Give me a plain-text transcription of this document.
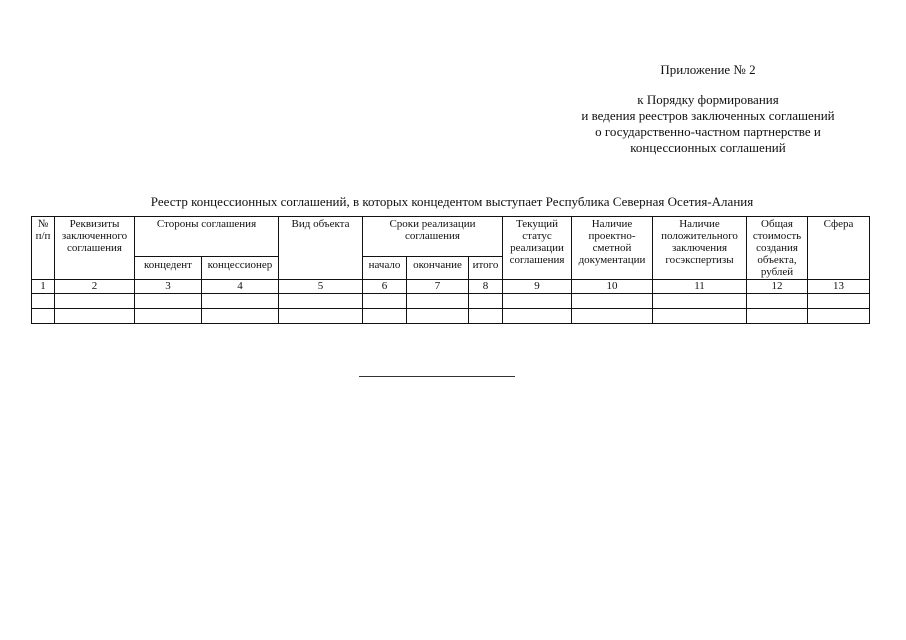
Приложение № 2
к Порядку формирования
и ведения реестров заключенных соглашений
о государственно-частном партнерстве и
концессионных соглашений
Реестр концессионных соглашений, в которых концедентом выступает Республика Северная Осетия-Алания
№ п/п	Реквизиты заключенного соглашения	Стороны соглашения		Вид объекта	Сроки реализации соглашения			Текущий статус реализации соглашения	Наличие проектно-сметной документации	Наличие положительного заключения госэкспертизы	Общая стоимость создания объекта, рублей	Сфера
		концедент	концессионер		начало	окончание	итого					
1	2	3	4	5	6	7	8	9	10	11	12	13
